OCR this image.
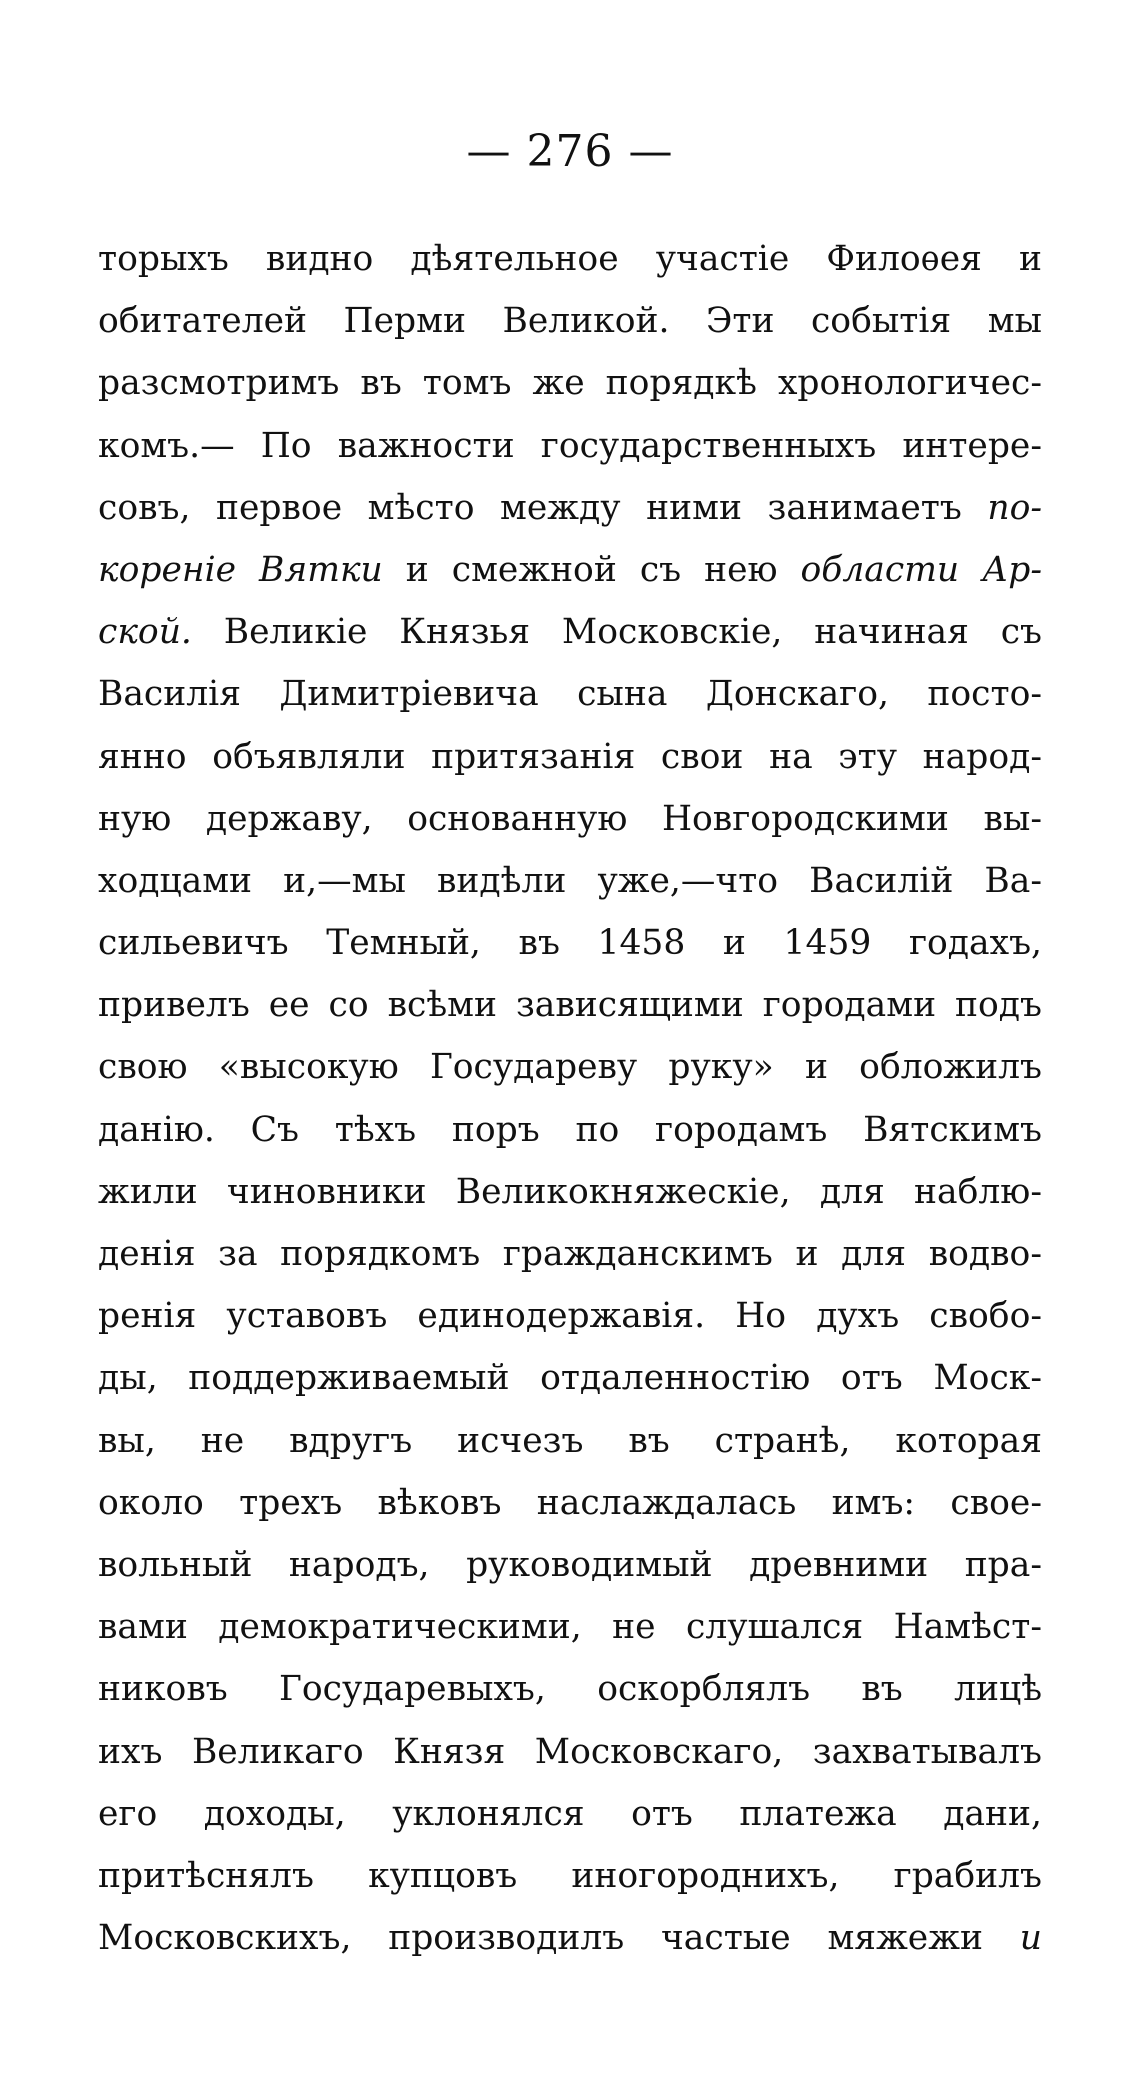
— 276 —
торыхъ видно дѣятельное участіе Филоѳея и
обитателей Перми Великой. Эти событія мы
разсмотримъ въ томъ же порядкѣ хронологичес-
комъ.— По важности государственныхъ интере-
совъ, первое мѣсто между ними занимаетъ по-
кореніе Вятки и смежной съ нею области Ар-
ской. Великіе Князья Московскіе, начиная съ
Василія Димитріевича сына Донскаго, посто-
янно объявляли притязанія свои на эту народ-
ную державу, основанную Новгородскими вы-
ходцами и,—мы видѣли уже,—что Василій Ва-
сильевичъ Темный, въ 1458 и 1459 годахъ,
привелъ ее со всѣми зависящими городами подъ
свою «высокую Государеву руку» и обложилъ
данію. Съ тѣхъ поръ по городамъ Вятскимъ
жили чиновники Великокняжескіе, для наблю-
денія за порядкомъ гражданскимъ и для водво-
ренія уставовъ единодержавія. Но духъ свобо-
ды, поддерживаемый отдаленностію отъ Моск-
вы, не вдругъ исчезъ въ странѣ, которая
около трехъ вѣковъ наслаждалась имъ: свое-
вольный народъ, руководимый древними пра-
вами демократическими, не слушался Намѣст-
никовъ Государевыхъ, оскорблялъ въ лицѣ
ихъ Великаго Князя Московскаго, захватывалъ
его доходы, уклонялся отъ платежа дани,
притѣснялъ купцовъ иногороднихъ, грабилъ
Московскихъ, производилъ частые мяжежи и
